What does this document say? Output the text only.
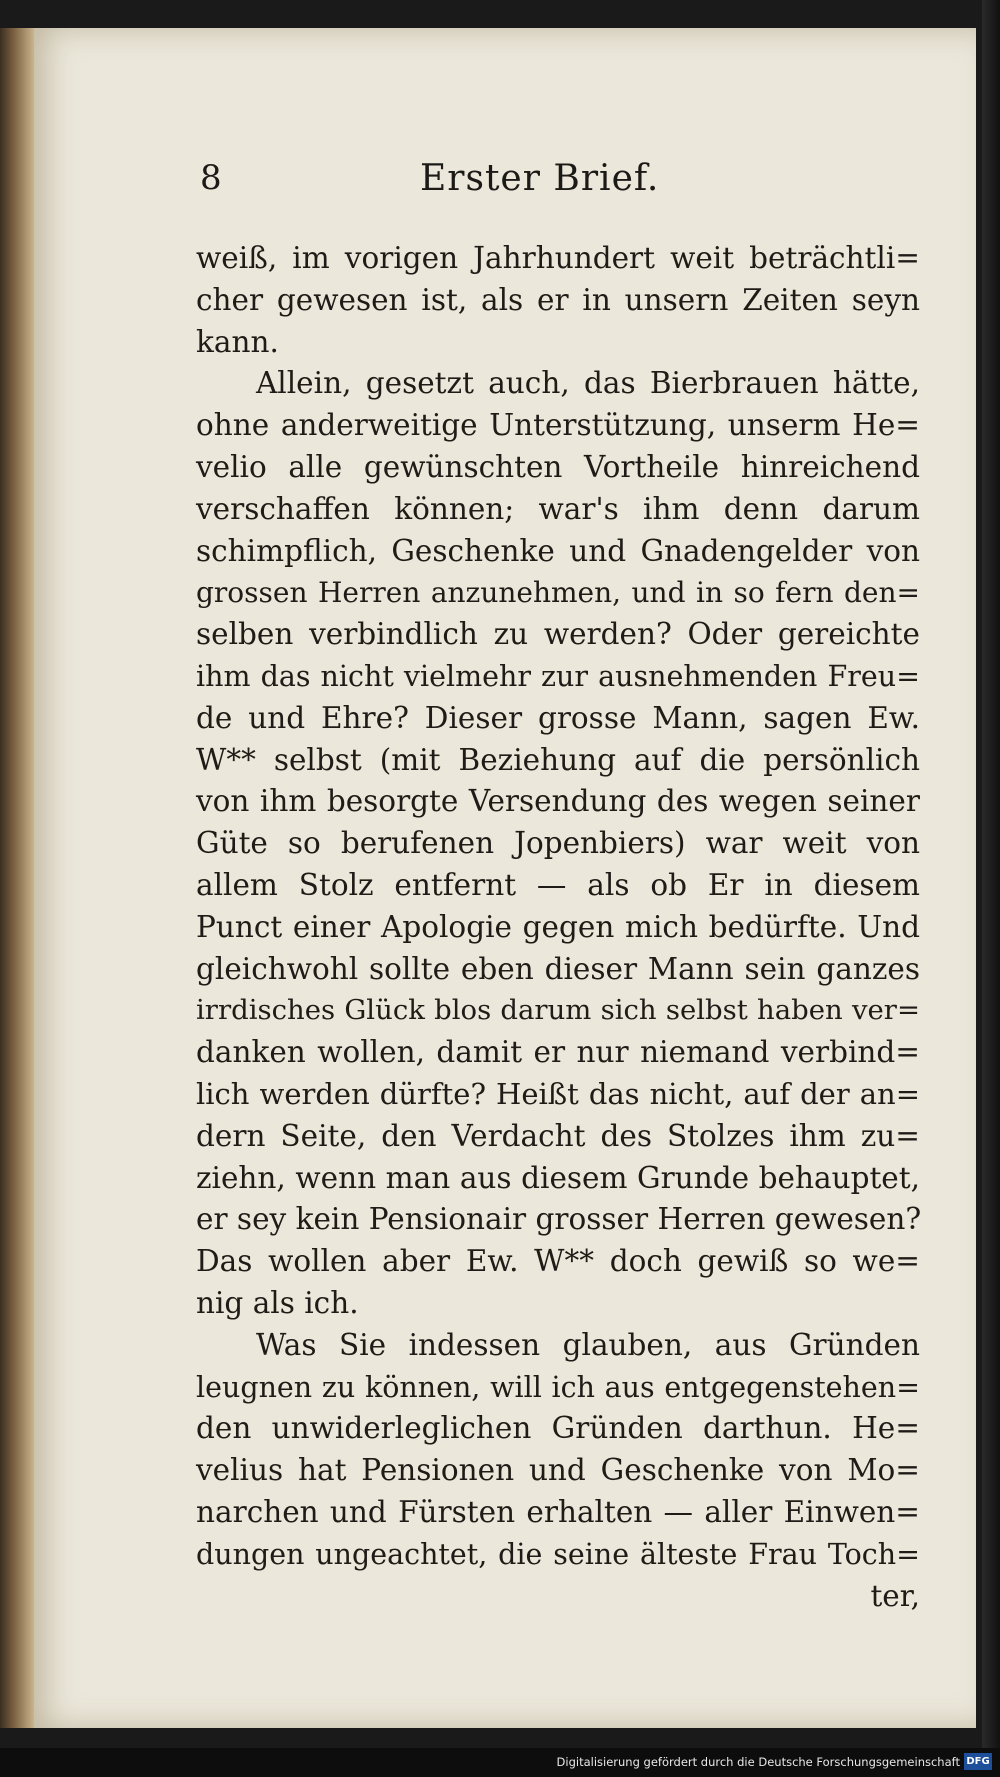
8	Erster Brief.
weiß, im vorigen Jahrhundert weit beträchtli=
cher gewesen ist, als er in unsern Zeiten seyn
kann.
Allein, gesetzt auch, das Bierbrauen hätte,
ohne anderweitige Unterstützung, unserm He=
velio alle gewünschten Vortheile hinreichend
verschaffen können; war's ihm denn darum
schimpflich, Geschenke und Gnadengelder von
grossen Herren anzunehmen, und in so fern den=
selben verbindlich zu werden? Oder gereichte
ihm das nicht vielmehr zur ausnehmenden Freu=
de und Ehre? Dieser grosse Mann, sagen Ew.
W** selbst (mit Beziehung auf die persönlich
von ihm besorgte Versendung des wegen seiner
Güte so berufenen Jopenbiers) war weit von
allem Stolz entfernt — als ob Er in diesem
Punct einer Apologie gegen mich bedürfte. Und
gleichwohl sollte eben dieser Mann sein ganzes
irrdisches Glück blos darum sich selbst haben ver=
danken wollen, damit er nur niemand verbind=
lich werden dürfte? Heißt das nicht, auf der an=
dern Seite, den Verdacht des Stolzes ihm zu=
ziehn, wenn man aus diesem Grunde behauptet,
er sey kein Pensionair grosser Herren gewesen?
Das wollen aber Ew. W** doch gewiß so we=
nig als ich.
Was Sie indessen glauben, aus Gründen
leugnen zu können, will ich aus entgegenstehen=
den unwiderleglichen Gründen darthun. He=
velius hat Pensionen und Geschenke von Mo=
narchen und Fürsten erhalten — aller Einwen=
dungen ungeachtet, die seine älteste Frau Toch=
ter,
Digitalisierung gefördert durch die Deutsche Forschungsgemeinschaft DFG
